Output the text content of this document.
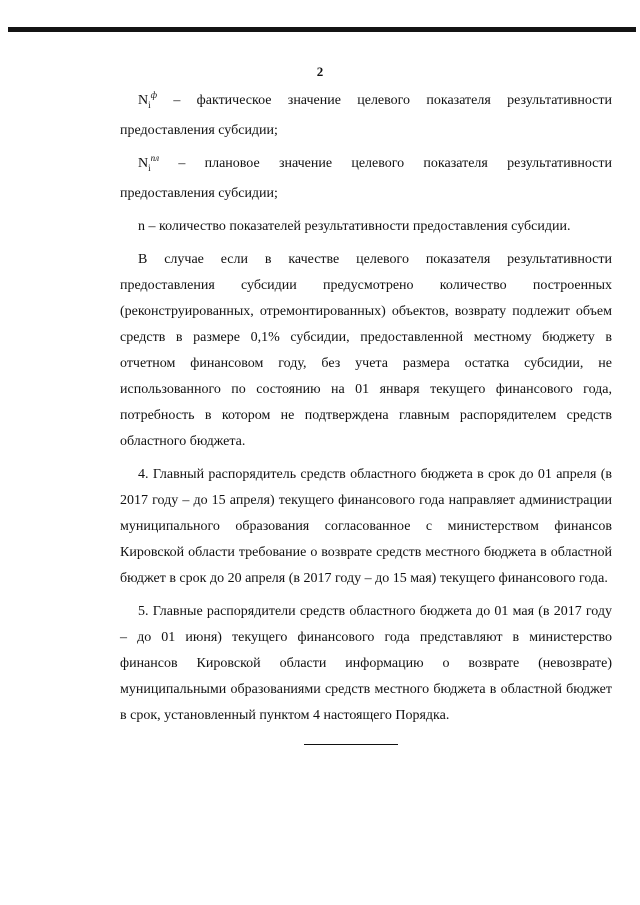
2

$N_i^ф$ – фактическое значение целевого показателя результативности предоставления субсидии;

$N_i^{пл}$ – плановое значение целевого показателя результативности предоставления субсидии;

n – количество показателей результативности предоставления субсидии.

В случае если в качестве целевого показателя результативности предоставления субсидии предусмотрено количество построенных (реконструированных, отремонтированных) объектов, возврату подлежит объем средств в размере 0,1% субсидии, предоставленной местному бюджету в отчетном финансовом году, без учета размера остатка субсидии, не использованного по состоянию на 01 января текущего финансового года, потребность в котором не подтверждена главным распорядителем средств областного бюджета.

4. Главный распорядитель средств областного бюджета в срок до 01 апреля (в 2017 году – до 15 апреля) текущего финансового года направляет администрации муниципального образования согласованное с министерством финансов Кировской области требование о возврате средств местного бюджета в областной бюджет в срок до 20 апреля (в 2017 году – до 15 мая) текущего финансового года.

5. Главные распорядители средств областного бюджета до 01 мая (в 2017 году – до 01 июня) текущего финансового года представляют в министерство финансов Кировской области информацию о возврате (невозврате) муниципальными образованиями средств местного бюджета в областной бюджет в срок, установленный пунктом 4 настоящего Порядка.
